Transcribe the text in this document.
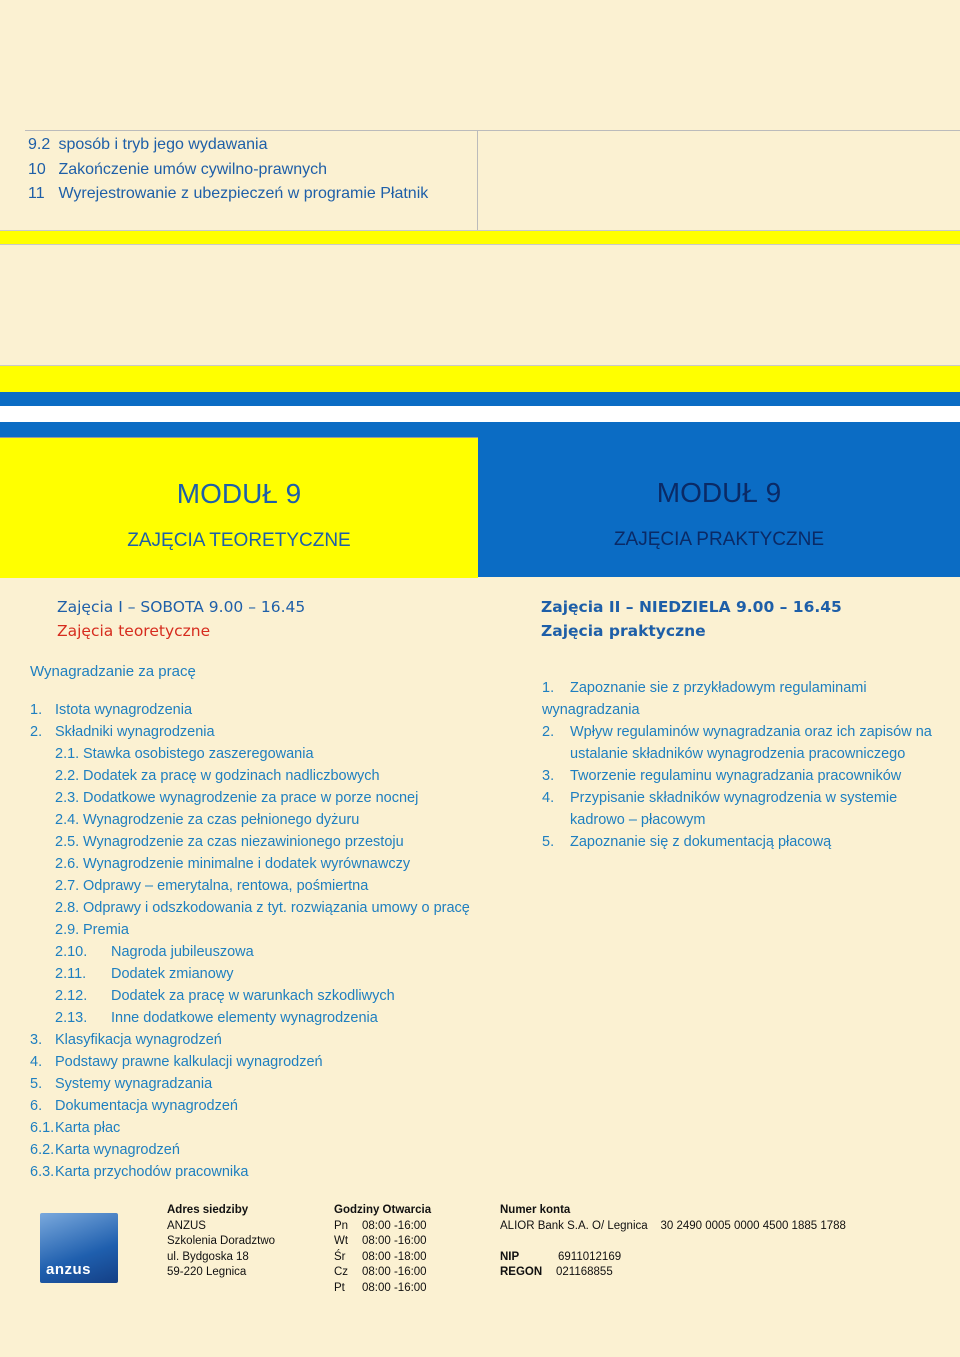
9.2 sposób i tryb jego wydawania
10 Zakończenie umów cywilno-prawnych
11 Wyrejestrowanie z ubezpieczeń w programie Płatnik
MODUŁ 9
ZAJĘCIA TEORETYCZNE
MODUŁ 9
ZAJĘCIA PRAKTYCZNE
Zajęcia I – SOBOTA 9.00 – 16.45
Zajęcia teoretyczne
Zajęcia II – NIEDZIELA 9.00 – 16.45
Zajęcia praktyczne
Wynagradzanie za pracę
1. Istota wynagrodzenia
2. Składniki wynagrodzenia
2.1. Stawka osobistego zaszeregowania
2.2. Dodatek za pracę w godzinach nadliczbowych
2.3. Dodatkowe wynagrodzenie za prace w porze nocnej
2.4. Wynagrodzenie za czas pełnionego dyżuru
2.5. Wynagrodzenie za czas niezawinionego przestoju
2.6. Wynagrodzenie minimalne i dodatek wyrównawczy
2.7. Odprawy – emerytalna, rentowa, pośmiertna
2.8. Odprawy i odszkodowania z tyt. rozwiązania umowy o pracę
2.9. Premia
2.10. Nagroda jubileuszowa
2.11. Dodatek zmianowy
2.12. Dodatek za pracę w warunkach szkodliwych
2.13. Inne dodatkowe elementy wynagrodzenia
3. Klasyfikacja wynagrodzeń
4. Podstawy prawne kalkulacji wynagrodzeń
5. Systemy wynagradzania
6. Dokumentacja wynagrodzeń
6.1.Karta płac
6.2.Karta wynagrodzeń
6.3.Karta przychodów pracownika
1. Zapoznanie sie z przykładowym regulaminami
wynagradzania
2. Wpływ regulaminów wynagradzania oraz ich zapisów na
ustalanie składników wynagrodzenia pracowniczego
3. Tworzenie regulaminu wynagradzania pracowników
4. Przypisanie składników wynagrodzenia w systemie
kadrowo – płacowym
5. Zapoznanie się z dokumentacją płacową
anzus
Adres siedziby
ANZUS
Szkolenia Doradztwo
ul. Bydgoska 18
59-220 Legnica
Godziny Otwarcia
Pn 08:00 -16:00
Wt 08:00 -16:00
Śr 08:00 -18:00
Cz 08:00 -16:00
Pt 08:00 -16:00
Numer konta
ALIOR Bank S.A. O/ Legnica 30 2490 0005 0000 4500 1885 1788
NIP	6911012169
REGON 021168855
